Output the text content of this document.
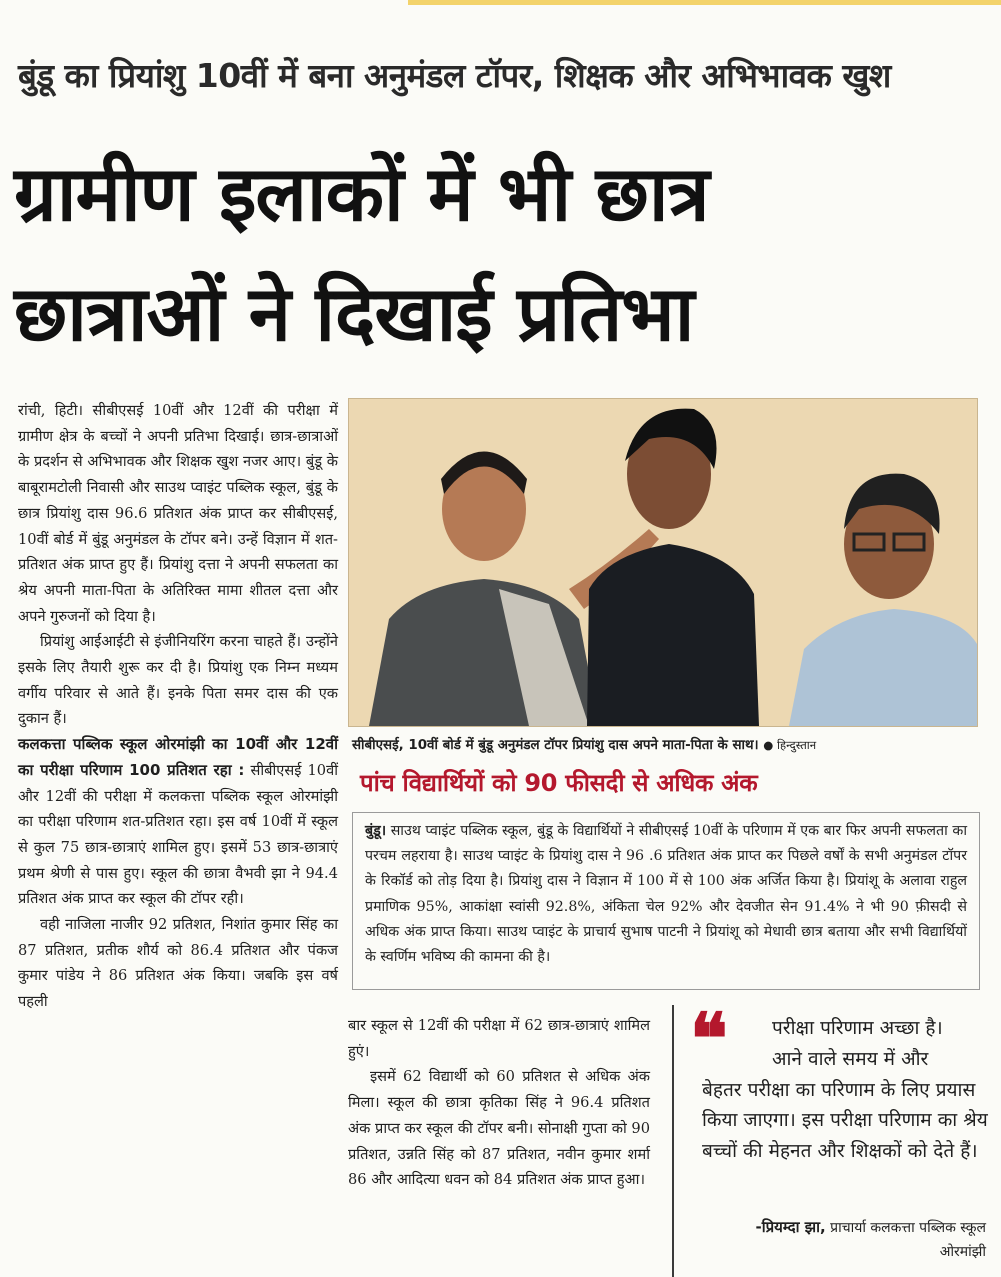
बुंडू का प्रियांशु 10वीं में बना अनुमंडल टॉपर, शिक्षक और अभिभावक खुश
ग्रामीण इलाकों में भी छात्र
छात्राओं ने दिखाई प्रतिभा

रांची, हिटी। सीबीएसई 10वीं और 12वीं की परीक्षा में ग्रामीण क्षेत्र के बच्चों ने अपनी प्रतिभा दिखाई। छात्र-छात्राओं के प्रदर्शन से अभिभावक और शिक्षक खुश नजर आए। बुंडू के बाबूरामटोली निवासी और साउथ प्वाइंट पब्लिक स्कूल, बुंडू के छात्र प्रियांशु दास 96.6 प्रतिशत अंक प्राप्त कर सीबीएसई, 10वीं बोर्ड में बुंडू अनुमंडल के टॉपर बने। उन्हें विज्ञान में शत-प्रतिशत अंक प्राप्त हुए हैं। प्रियांशु दत्ता ने अपनी सफलता का श्रेय अपनी माता-पिता के अतिरिक्त मामा शीतल दत्ता और अपने गुरुजनों को दिया है।

प्रियांशु आईआईटी से इंजीनियरिंग करना चाहते हैं। उन्होंने इसके लिए तैयारी शुरू कर दी है। प्रियांशु एक निम्न मध्यम वर्गीय परिवार से आते हैं। इनके पिता समर दास की एक दुकान हैं।

कलकत्ता पब्लिक स्कूल ओरमांझी का 10वीं और 12वीं का परीक्षा परिणाम 100 प्रतिशत रहा : सीबीएसई 10वीं और 12वीं की परीक्षा में कलकत्ता पब्लिक स्कूल ओरमांझी का परीक्षा परिणाम शत-प्रतिशत रहा। इस वर्ष 10वीं में स्कूल से कुल 75 छात्र-छात्राएं शामिल हुए। इसमें 53 छात्र-छात्राएं प्रथम श्रेणी से पास हुए। स्कूल की छात्रा वैभवी झा ने 94.4 प्रतिशत अंक प्राप्त कर स्कूल की टॉपर रही।

वही नाजिला नाजीर 92 प्रतिशत, निशांत कुमार सिंह का 87 प्रतिशत, प्रतीक शौर्य को 86.4 प्रतिशत और पंकज कुमार पांडेय ने 86 प्रतिशत अंक किया। जबकि इस वर्ष पहली

सीबीएसई, 10वीं बोर्ड में बुंडू अनुमंडल टॉपर प्रियांशु दास अपने माता-पिता के साथ। ● हिन्दुस्तान
पांच विद्यार्थियों को 90 फीसदी से अधिक अंक

बुंडू। साउथ प्वाइंट पब्लिक स्कूल, बुंडू के विद्यार्थियों ने सीबीएसई 10वीं के परिणाम में एक बार फिर अपनी सफलता का परचम लहराया है। साउथ प्वाइंट के प्रियांशु दास ने 96 .6 प्रतिशत अंक प्राप्त कर पिछले वर्षों के सभी अनुमंडल टॉपर के रिकॉर्ड को तोड़ दिया है। प्रियांशु दास ने विज्ञान में 100 में से 100 अंक अर्जित किया है। प्रियांशू के अलावा राहुल प्रमाणिक 95%, आकांक्षा स्वांसी 92.8%, अंकिता चेल 92% और देवजीत सेन 91.4% ने भी 90 फ़ीसदी से अधिक अंक प्राप्त किया। साउथ प्वाइंट के प्राचार्य सुभाष पाटनी ने प्रियांशू को मेधावी छात्र बताया और सभी विद्यार्थियों के स्वर्णिम भविष्य की कामना की है।

बार स्कूल से 12वीं की परीक्षा में 62 छात्र-छात्राएं शामिल हुएं।

इसमें 62 विद्यार्थी को 60 प्रतिशत से अधिक अंक मिला। स्कूल की छात्रा कृतिका सिंह ने 96.4 प्रतिशत अंक प्राप्त कर स्कूल की टॉपर बनी। सोनाक्षी गुप्ता को 90 प्रतिशत, उन्नति सिंह को 87 प्रतिशत, नवीन कुमार शर्मा 86 और आदित्या धवन को 84 प्रतिशत अंक प्राप्त हुआ।

❝	परीक्षा परिणाम अच्छा है।
आने वाले समय में और
बेहतर परीक्षा का परिणाम के लिए प्रयास किया जाएगा। इस परीक्षा परिणाम का श्रेय बच्चों की मेहनत और शिक्षकों को देते हैं।
-प्रियम्दा झा, प्राचार्या कलकत्ता पब्लिक स्कूल
ओरमांझी
